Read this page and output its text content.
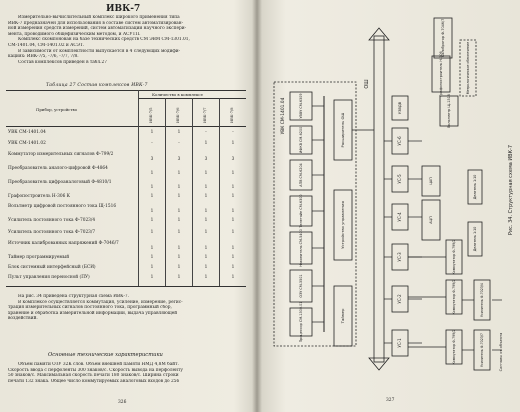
ИВК-7
Измерительно-вычислительный комплекс широкого применения типа
ИВК-7 предназначен для использования в составе систем автоматизирован-
ной измерения средств измерений, систем автоматизации научного экспери-
мента, проводимого общефизическим методом, и АСУТП.
Комплекс скомпонован на базе технических средств СМ ЭВМ СМ-1301.01,
СМ-1401.04, СМ-1401.02 и АСЭТ.
В зависимости от комплектности выпускается в 4 следующих модифи-
кациях: ИВК-7/5, -7/6, -7/7, 7/8.
Состав комплексов приведен в табл.27
Таблица 27 Состав комплексов ИВК-7
Прибор, устройство
Количество в комплексе
ИВК-7/5	ИВК-7/6	ИВК-7/7	ИВК-7/8
УВК СМ-1401.04	1	1	-	-
УВК СМ-1401.02	-	-	1	1
Коммутатор измерительных сигналов Ф-799/2
3	3	3	3
Преобразователь аналого-цифровой Ф-4864
1	1	1	1
Преобразователь цифроаналоговый Ф-4810/1
1	1	1	1
Графопостроитель Н-306 К	1	1	1	1
Вольтметр цифровой постоянного тока Щ-1516
1	1	1	1
Усилитель постоянного тока Ф-7023/4	1	1	1	1
Усилитель постоянного тока Ф-7023/7	1	1	1	1
Источник калиброванных напряжений Ф-7046/7
1	1	1	1
Таймер программируемый	1	1	1	1
Блок системный интерфейсный (БСИ)	1	1	1	1
Пульт управления переносной (ПУ)	1	1	1	1
На рис. 34 приведена структурная схема ИВК-7.
В комплексе осуществляется коммутация, усиление, измерение, регис-
трация измерительных сигналов постоянного тока, программный сбор,
хранение и обработка измерительной информации, выдача управляющей
воздействий.
Основные технические характеристики
Объем памяти ОЗУ 32К слов. Объем внешней памяти НМД 4,8М байт.
Скорость ввода с перфоленты 300 знаков/с. Скорость вывода на перфоленту
50 знаков/с. Максимальная скорость печати 180 знаков/с. Ширина строки
печати 132 знака. Общее число коммутируемых аналоговых входов до 256
326
ОШ
УВК СМ-1401.04
Процессор СМ-1300.01
ОЗУ СМ-3501
Накопитель СМ-5400
Телетайп СМ-6300
АПВ СМ-6204
ИФКВ СМ-6200
УВВУ СМ-6309
Расширитель ОШ
Устройство управления
Таймер
УС-1
УС-2
УС-3
УС-4
УС-5
УС-6
УЗВДВ
ЦАП
АЦП
Графопостроитель Н-306
Вольтметр Щ-1516
Калибратор Ф-7046/7
Коммутатор Ф-799/2
Коммутатор Ф-799/2
Коммутатор Ф-799/2
Усилитель Ф-7023/4
Усилитель Ф-7023/7
Делитель 1:10
Делитель 1:10
Метрологическое обеспечение
Сигналы от объекта
Рис. 34. Структурная схема ИВК-7
327
